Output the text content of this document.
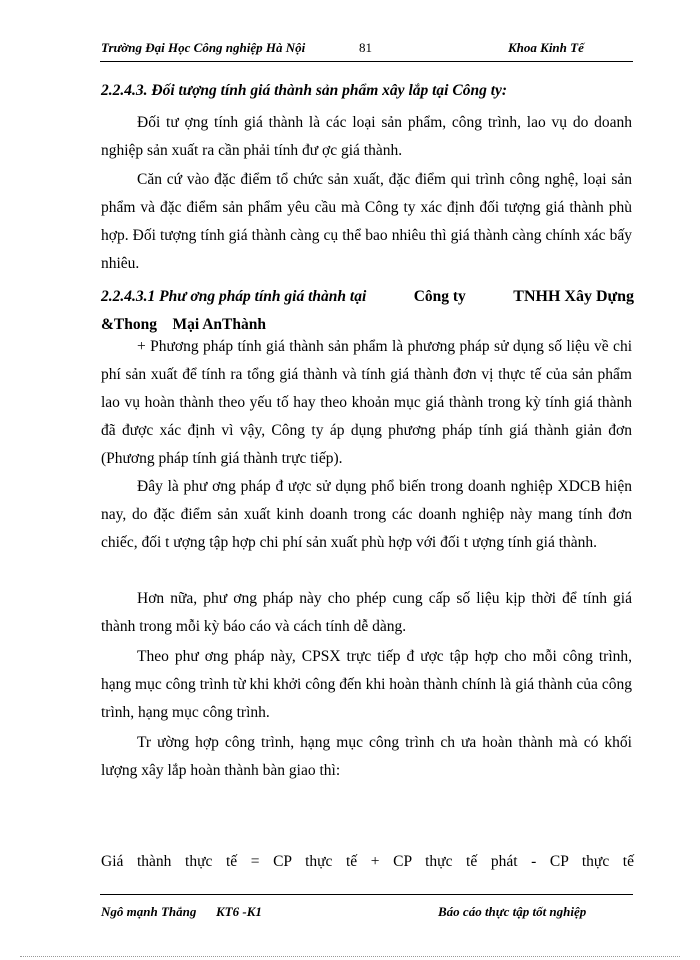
Trường Đại Học Công nghiệp Hà Nội	81	Khoa Kinh Tế
2.2.4.3. Đối tượng tính giá thành sản phẩm xây lắp tại Công ty:

Đối tư ợng tính giá thành là các loại sản phẩm, công trình, lao vụ do doanh nghiệp sản xuất ra cần phải tính đư ợc giá thành.

Căn cứ vào đặc điểm tổ chức sản xuất, đặc điểm qui trình công nghệ, loại sản phẩm và đặc điểm sản phẩm yêu cầu mà Công ty xác định đối tượng giá thành phù hợp. Đối tượng tính giá thành càng cụ thể bao nhiêu thì giá thành càng chính xác bấy nhiêu.

2.2.4.3.1 Phư ơng pháp tính giá thành tại	Công ty	TNHH Xây Dựng
&Thong    Mại AnThành

+ Phương pháp tính giá thành sản phẩm là phương pháp sử dụng số liệu về chi phí sản xuất để tính ra tổng giá thành và tính giá thành đơn vị thực tế của sản phẩm lao vụ hoàn thành theo yếu tố hay theo khoản mục giá thành trong kỳ tính giá thành đã được xác định vì vậy, Công ty áp dụng phương pháp tính giá thành giản đơn (Phương pháp tính giá thành trực tiếp).

Đây là phư ơng pháp đ ược sử dụng phổ biến trong doanh nghiệp XDCB hiện nay, do đặc điểm sản xuất kinh doanh trong các doanh nghiệp này mang tính đơn chiếc, đối t ượng tập hợp chi phí sản xuất phù hợp với đối t ượng tính giá thành.

Hơn nữa, phư ơng pháp này cho phép cung cấp số liệu kịp thời để tính giá thành trong mỗi kỳ báo cáo và cách tính dễ dàng.

Theo phư ơng pháp này, CPSX trực tiếp đ ược tập hợp cho mỗi công trình, hạng mục công trình từ khi khởi công đến khi hoàn thành chính là giá thành của công trình, hạng mục công trình.

Tr ường hợp công trình, hạng mục công trình ch ưa hoàn thành mà có khối lượng xây lắp hoàn thành bàn giao thì:

Giá thành thực tế = CP thực tế + CP thực tế phát - CP thực tế
Ngô mạnh Thắng KT6 -K1	Báo cáo thực tập tốt nghiệp
